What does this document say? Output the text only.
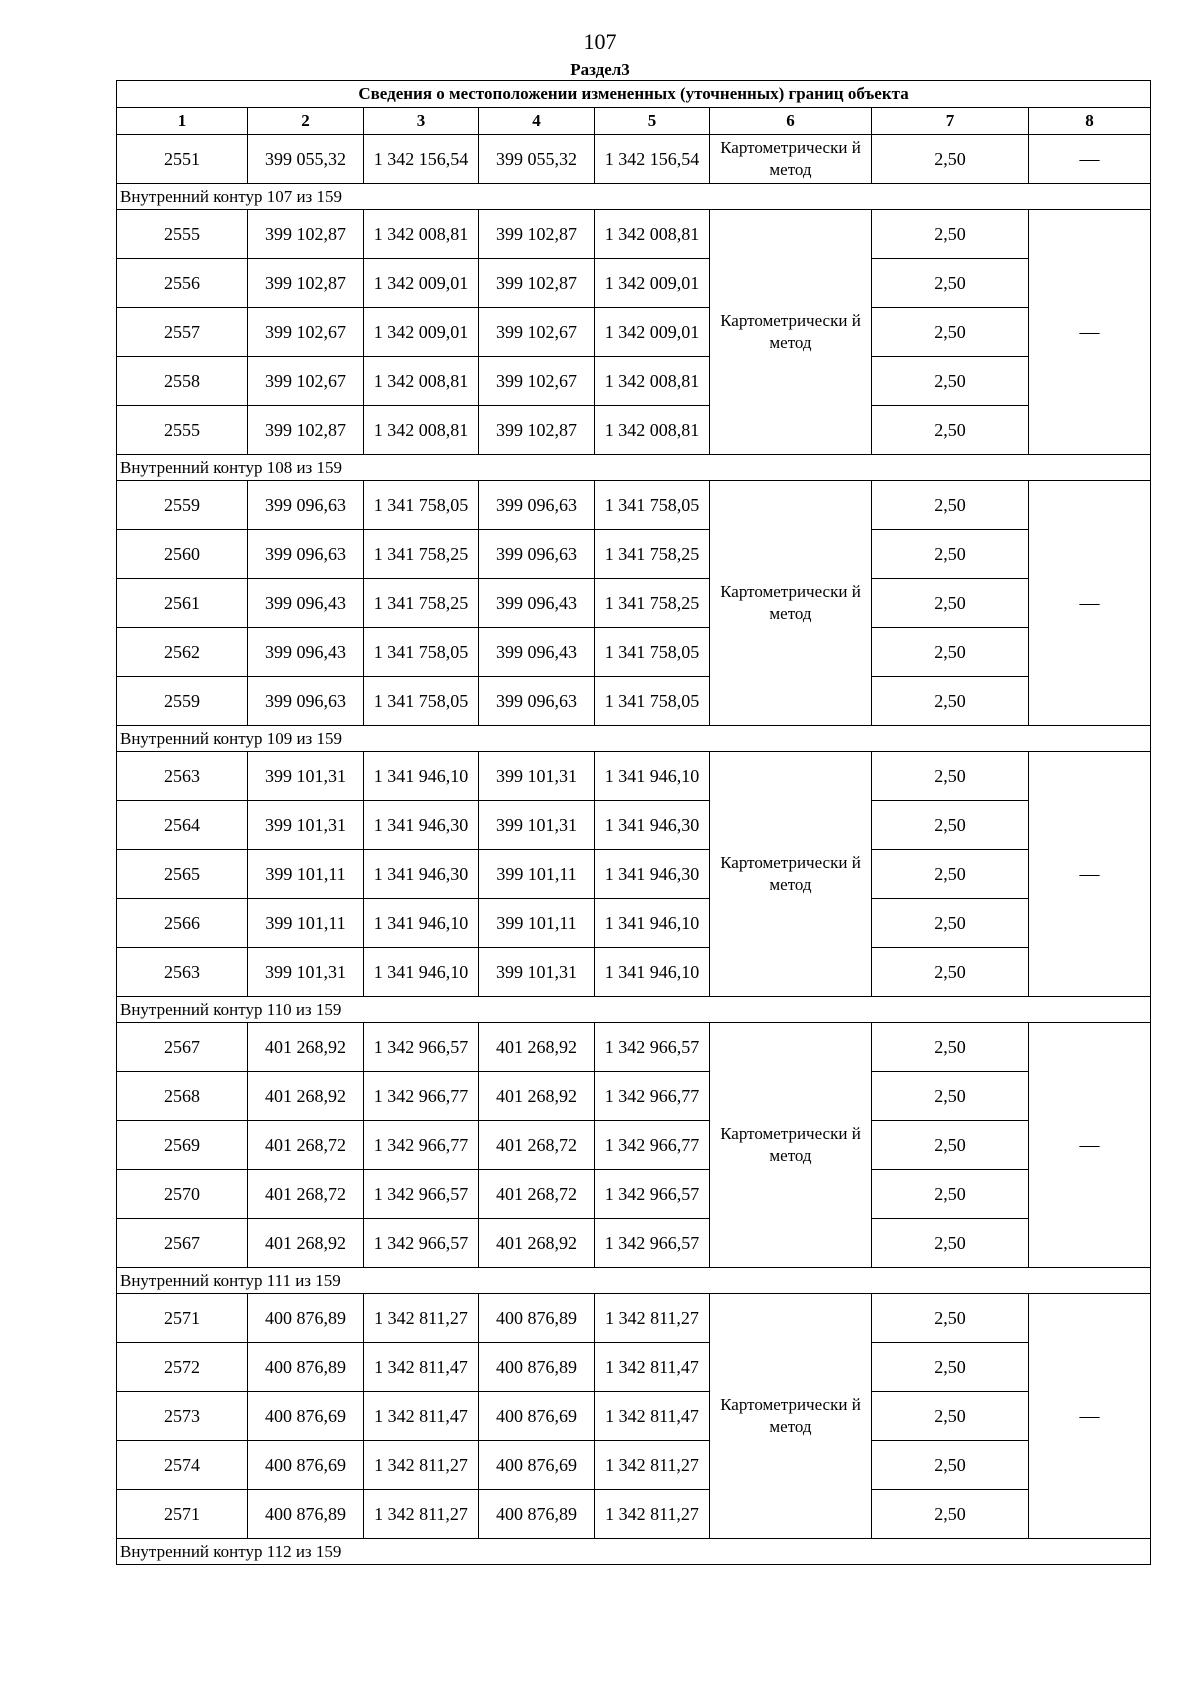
107
Раздел3
Сведения о местоположении измененных (уточненных) границ объекта							
1	2	3	4	5	6	7	8
2551	399 055,32	1 342 156,54	399 055,32	1 342 156,54	Картометрически й метод	2,50	—
Внутренний контур 107 из 159							
2555	399 102,87	1 342 008,81	399 102,87	1 342 008,81	Картометрически й метод	2,50	—
2556	399 102,87	1 342 009,01	399 102,87	1 342 009,01		2,50	
2557	399 102,67	1 342 009,01	399 102,67	1 342 009,01		2,50	
2558	399 102,67	1 342 008,81	399 102,67	1 342 008,81		2,50	
2555	399 102,87	1 342 008,81	399 102,87	1 342 008,81		2,50	
Внутренний контур 108 из 159							
2559	399 096,63	1 341 758,05	399 096,63	1 341 758,05	Картометрически й метод	2,50	—
2560	399 096,63	1 341 758,25	399 096,63	1 341 758,25		2,50	
2561	399 096,43	1 341 758,25	399 096,43	1 341 758,25		2,50	
2562	399 096,43	1 341 758,05	399 096,43	1 341 758,05		2,50	
2559	399 096,63	1 341 758,05	399 096,63	1 341 758,05		2,50	
Внутренний контур 109 из 159							
2563	399 101,31	1 341 946,10	399 101,31	1 341 946,10	Картометрически й метод	2,50	—
2564	399 101,31	1 341 946,30	399 101,31	1 341 946,30		2,50	
2565	399 101,11	1 341 946,30	399 101,11	1 341 946,30		2,50	
2566	399 101,11	1 341 946,10	399 101,11	1 341 946,10		2,50	
2563	399 101,31	1 341 946,10	399 101,31	1 341 946,10		2,50	
Внутренний контур 110 из 159							
2567	401 268,92	1 342 966,57	401 268,92	1 342 966,57	Картометрически й метод	2,50	—
2568	401 268,92	1 342 966,77	401 268,92	1 342 966,77		2,50	
2569	401 268,72	1 342 966,77	401 268,72	1 342 966,77		2,50	
2570	401 268,72	1 342 966,57	401 268,72	1 342 966,57		2,50	
2567	401 268,92	1 342 966,57	401 268,92	1 342 966,57		2,50	
Внутренний контур 111 из 159							
2571	400 876,89	1 342 811,27	400 876,89	1 342 811,27	Картометрически й метод	2,50	—
2572	400 876,89	1 342 811,47	400 876,89	1 342 811,47		2,50	
2573	400 876,69	1 342 811,47	400 876,69	1 342 811,47		2,50	
2574	400 876,69	1 342 811,27	400 876,69	1 342 811,27		2,50	
2571	400 876,89	1 342 811,27	400 876,89	1 342 811,27		2,50	
Внутренний контур 112 из 159							
